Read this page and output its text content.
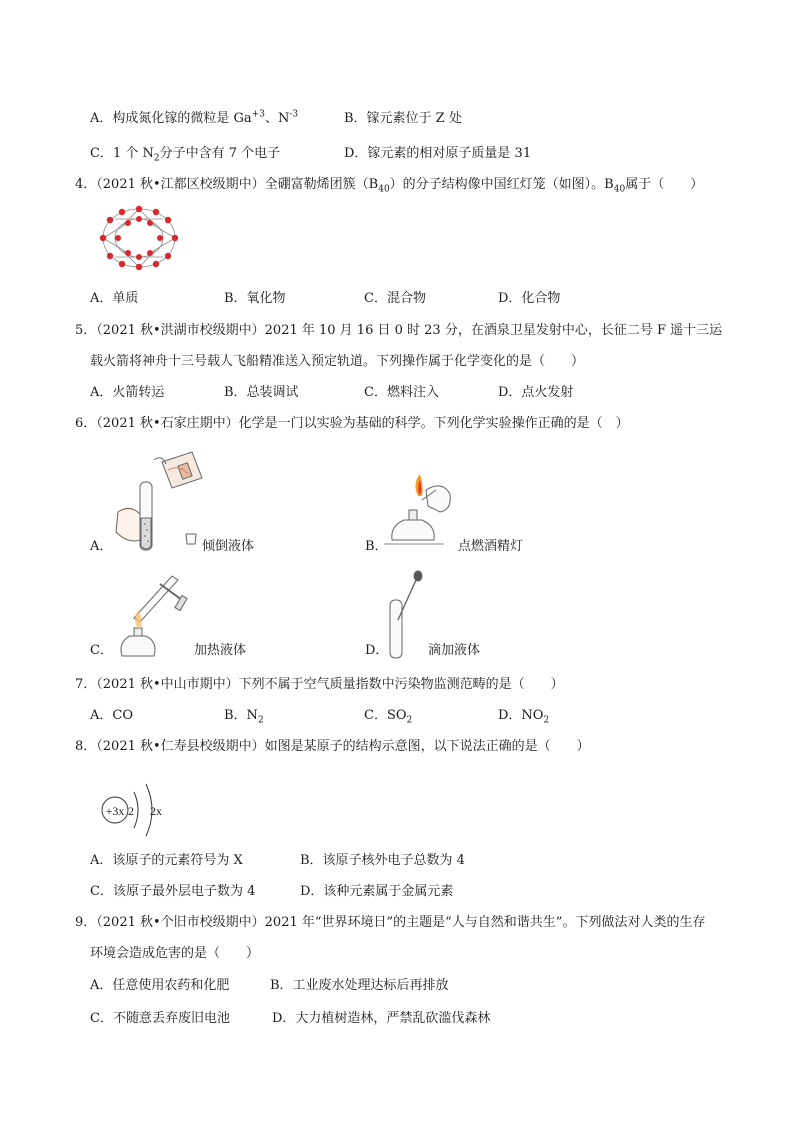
A．构成氮化镓的微粒是 $Ga^{+3}$、$N^{-3}$	B．镓元素位于 Z 处
C．1 个 $N_2$分子中含有 7 个电子	D．镓元素的相对原子质量是 31
4．（2021 秋•江都区校级期中）全硼富勒烯团簇$(B_{40})$的分子结构像中国红灯笼（如图）。$B_{40}$属于（　　）
A．单质	B．氧化物	C．混合物	D．化合物
5．（2021 秋•洪湖市校级期中）2021 年 10 月 16 日 0 时 23 分，在酒泉卫星发射中心，长征二号 F 遥十三运
载火箭将神舟十三号载人飞船精准送入预定轨道。下列操作属于化学变化的是（　　）
A．火箭转运	B．总装调试	C．燃料注入	D．点火发射
6．（2021 秋•石家庄期中）化学是一门以实验为基础的科学。下列化学实验操作正确的是（　）
A．	倾倒液体	B．	点燃酒精灯
C．	加热液体	D．	滴加液体
7．（2021 秋•中山市期中）下列不属于空气质量指数中污染物监测范畴的是（　　）
A．CO	B．$N_2$	C．$SO_2$	D．$NO_2$
8．（2021 秋•仁寿县校级期中）如图是某原子的结构示意图，以下说法正确的是（　　）
+3x 2 2x
A．该原子的元素符号为 X	B．该原子核外电子总数为 4
C．该原子最外层电子数为 4	D．该种元素属于金属元素
9．（2021 秋•个旧市校级期中）2021 年“世界环境日”的主题是“人与自然和谐共生”。下列做法对人类的生存
环境会造成危害的是（　　）
A．任意使用农药和化肥	B．工业废水处理达标后再排放
C．不随意丢弃废旧电池	D．大力植树造林，严禁乱砍滥伐森林
